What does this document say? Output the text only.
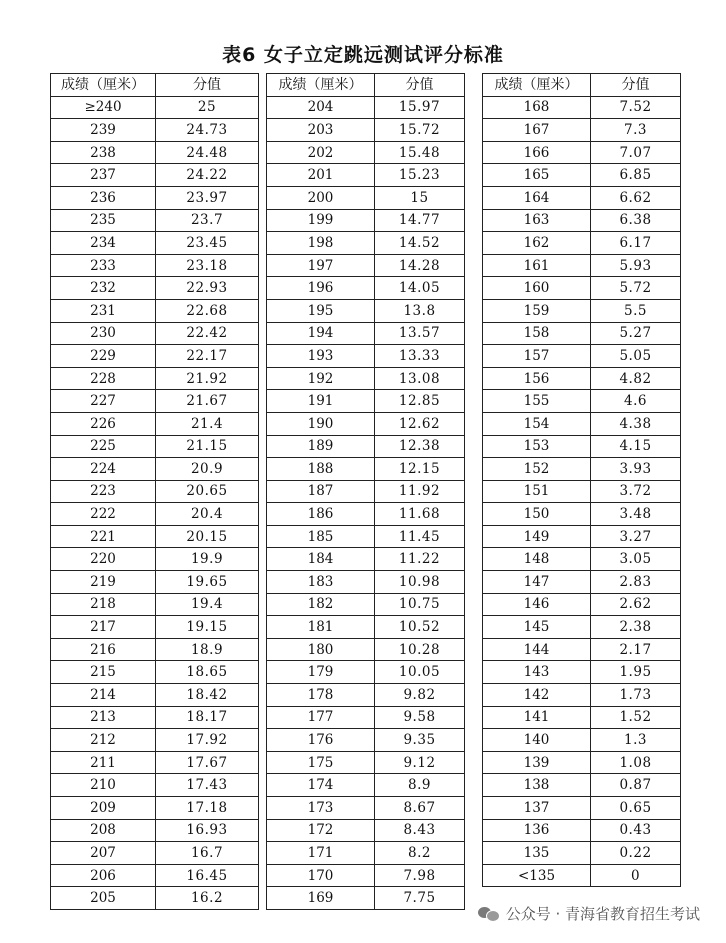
表6 女子立定跳远测试评分标准
成绩（厘米）	分值
≥240	25
239	24.73
238	24.48
237	24.22
236	23.97
235	23.7
234	23.45
233	23.18
232	22.93
231	22.68
230	22.42
229	22.17
228	21.92
227	21.67
226	21.4
225	21.15
224	20.9
223	20.65
222	20.4
221	20.15
220	19.9
219	19.65
218	19.4
217	19.15
216	18.9
215	18.65
214	18.42
213	18.17
212	17.92
211	17.67
210	17.43
209	17.18
208	16.93
207	16.7
206	16.45
205	16.2
成绩（厘米）	分值
204	15.97
203	15.72
202	15.48
201	15.23
200	15
199	14.77
198	14.52
197	14.28
196	14.05
195	13.8
194	13.57
193	13.33
192	13.08
191	12.85
190	12.62
189	12.38
188	12.15
187	11.92
186	11.68
185	11.45
184	11.22
183	10.98
182	10.75
181	10.52
180	10.28
179	10.05
178	9.82
177	9.58
176	9.35
175	9.12
174	8.9
173	8.67
172	8.43
171	8.2
170	7.98
169	7.75
成绩（厘米）	分值
168	7.52
167	7.3
166	7.07
165	6.85
164	6.62
163	6.38
162	6.17
161	5.93
160	5.72
159	5.5
158	5.27
157	5.05
156	4.82
155	4.6
154	4.38
153	4.15
152	3.93
151	3.72
150	3.48
149	3.27
148	3.05
147	2.83
146	2.62
145	2.38
144	2.17
143	1.95
142	1.73
141	1.52
140	1.3
139	1.08
138	0.87
137	0.65
136	0.43
135	0.22
<135	0
公众号 · 青海省教育招生考试
